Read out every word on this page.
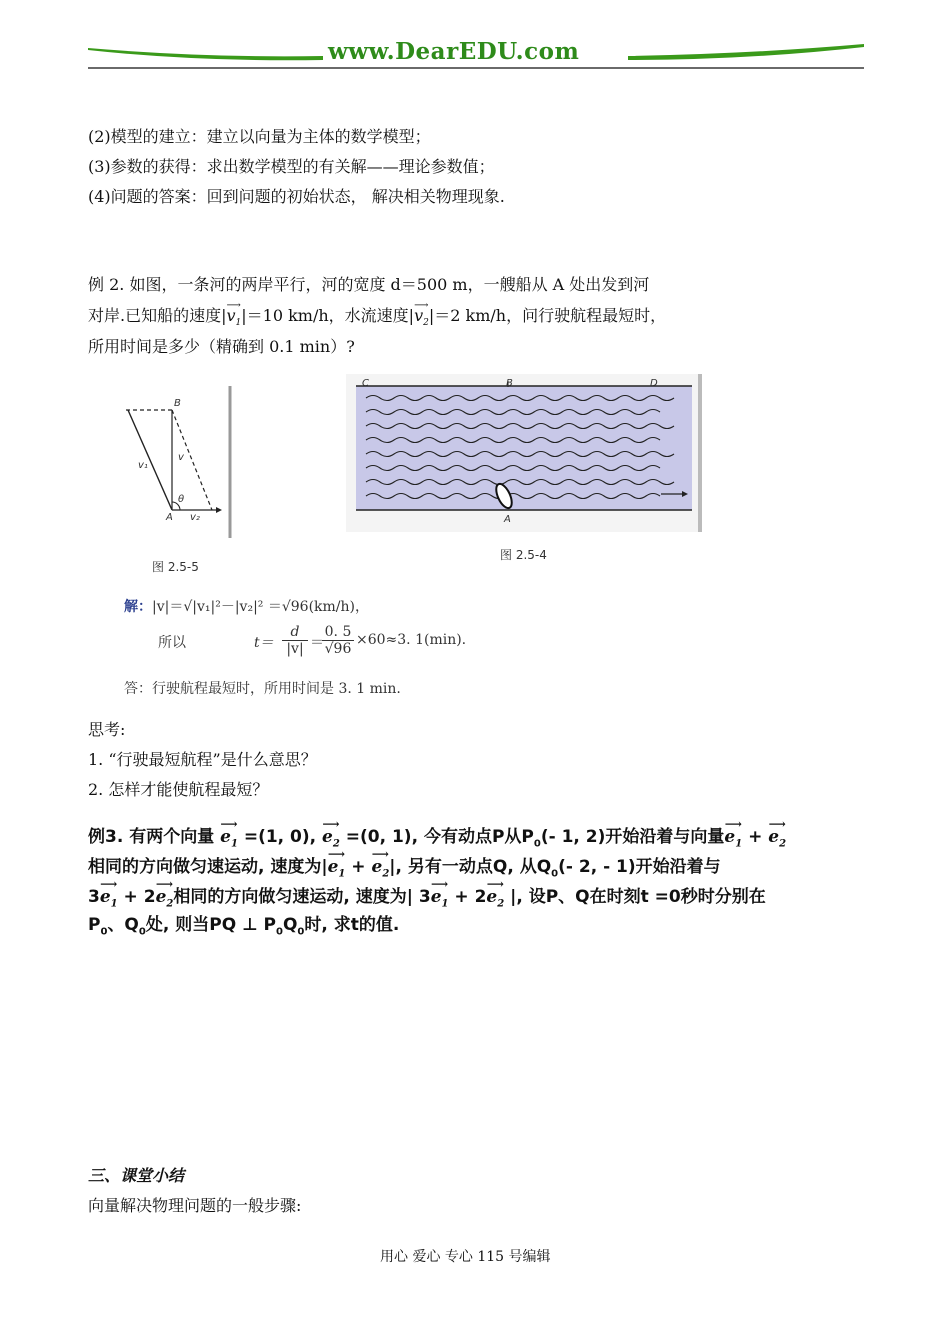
www.DearEDU.com
(2)模型的建立：建立以向量为主体的数学模型；
(3)参数的获得：求出数学模型的有关解——理论参数值；
(4)问题的答案：回到问题的初始状态， 解决相关物理现象.
例 2. 如图，一条河的两岸平行，河的宽度 d＝500 m，一艘船从 A 处出发到河
对岸.已知船的速度|
⟶
$v_1|=10$ km/h，水流速度|
⟶
$v_2|=2$ km/h，问行驶航程最短时，
所用时间是多少（精确到 0.1 min）?
B
v₁
v
θ
A v₂
图 2.5-5
C	B	D
A
图 2.5-4
解：|v|＝√|v₁|²－|v₂|² ＝√96(km/h)，
所以	t＝
d
|v| ＝
0. 5
√96
×60≈3. 1(min).
答：行驶航程最短时，所用时间是 3. 1 min.
思考:
1. “行驶最短航程”是什么意思？
2. 怎样才能使航程最短？
例3. 有两个向量
⟶
$e_1 =(1$, 0),
⟶
$e_2 =(0$, 1), 今有动点P从$P_0(-$ 1, 2)开始沿着与向量
⟶
$e_1$ +
⟶
$e_2$
相同的方向做匀速运动, 速度为|
⟶
$e_1$ +
⟶
$e_2|$, 另有一动点Q, 从$Q_0(-$ 2, - 1)开始沿着与
3
⟶
$e_1 + 2$
⟶
$e_2$相同的方向做匀速运动, 速度为| 3
⟶
$e_1 + 2$
⟶
$e_2$ |, 设P、Q在时刻t =0秒时分别在
$P_0$、$Q_0$处, 则当PQ ⊥ $P_0Q_0$时, 求t的值.
三、课堂小结
向量解决物理问题的一般步骤:
用心 爱心 专心 115 号编辑
